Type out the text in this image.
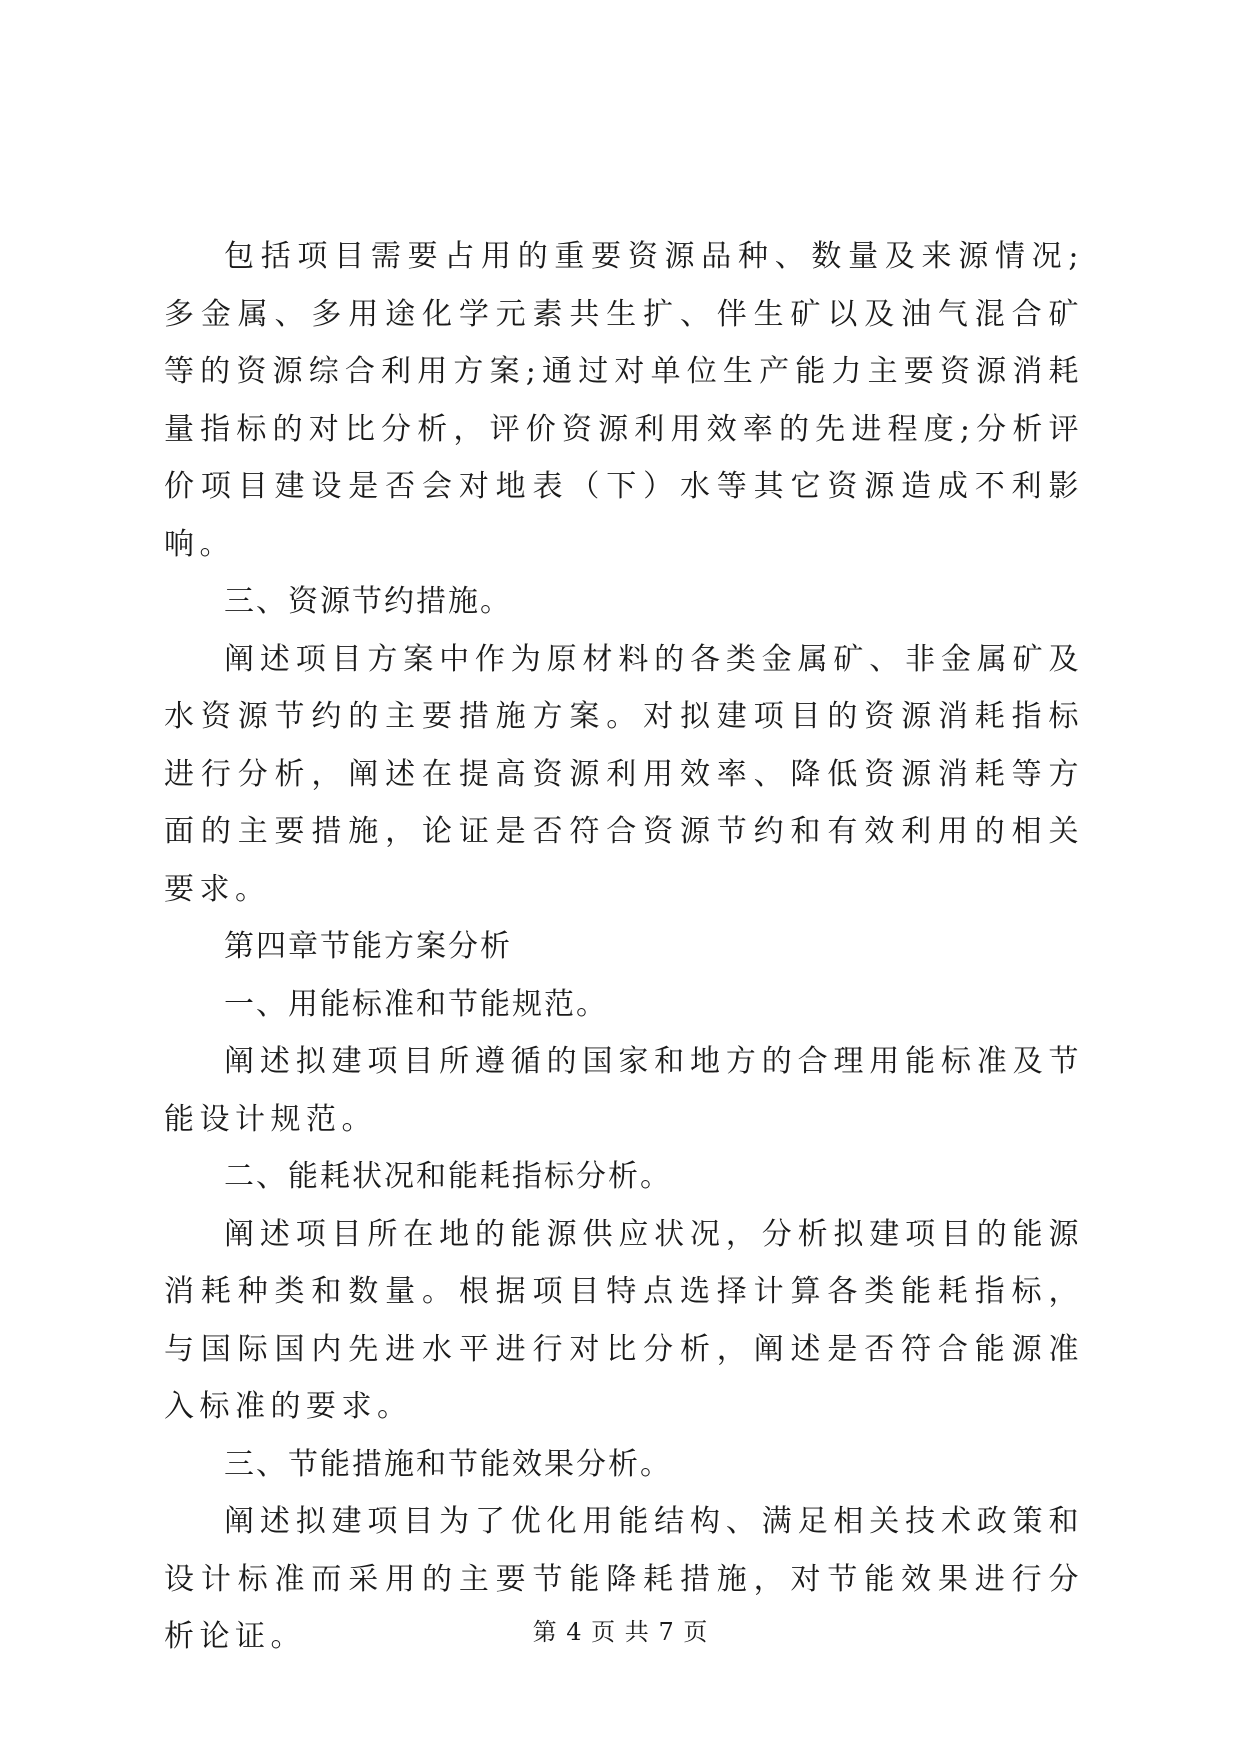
包括项目需要占用的重要资源品种、数量及来源情况;多金属、多用途化学元素共生扩、伴生矿以及油气混合矿等的资源综合利用方案;通过对单位生产能力主要资源消耗量指标的对比分析，评价资源利用效率的先进程度;分析评价项目建设是否会对地表（下）水等其它资源造成不利影响。

三、资源节约措施。

阐述项目方案中作为原材料的各类金属矿、非金属矿及水资源节约的主要措施方案。对拟建项目的资源消耗指标进行分析，阐述在提高资源利用效率、降低资源消耗等方面的主要措施，论证是否符合资源节约和有效利用的相关要求。

第四章节能方案分析

一、用能标准和节能规范。

阐述拟建项目所遵循的国家和地方的合理用能标准及节能设计规范。

二、能耗状况和能耗指标分析。

阐述项目所在地的能源供应状况，分析拟建项目的能源消耗种类和数量。根据项目特点选择计算各类能耗指标，与国际国内先进水平进行对比分析，阐述是否符合能源准入标准的要求。

三、节能措施和节能效果分析。

阐述拟建项目为了优化用能结构、满足相关技术政策和设计标准而采用的主要节能降耗措施，对节能效果进行分析论证。	第 4 页 共 7 页
